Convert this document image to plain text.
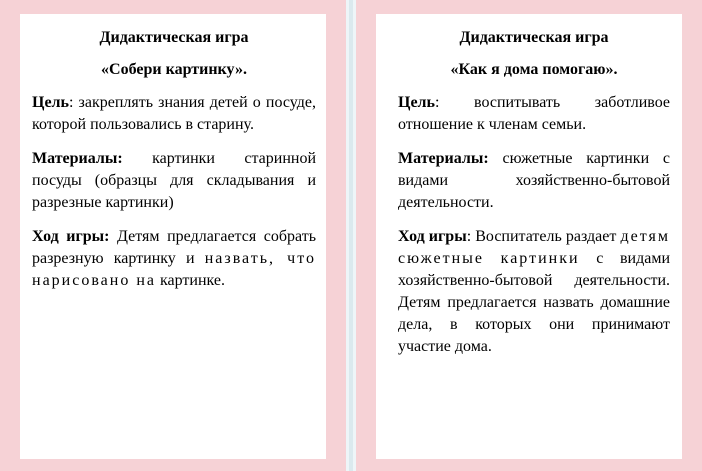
Дидактическая игра
«Собери картинку».

Цель: закреплять знания детей о посуде, которой пользовались в старину.

Материалы: картинки старинной посуды (образцы для складывания и разрезные картинки)

Ход игры: Детям предлагается собрать разрезную картинку и назвать, что нарисовано на картинке.

Дидактическая игра
«Как я дома помогаю».

Цель: воспитывать заботливое отношение к членам семьи.

Материалы: сюжетные картинки с видами хозяйственно-бытовой деятельности.

Ход игры: Воспитатель раздает детям сюжетные картинки с видами хозяйственно-бытовой деятельности. Детям предлагается назвать домашние дела, в которых они принимают участие дома.
